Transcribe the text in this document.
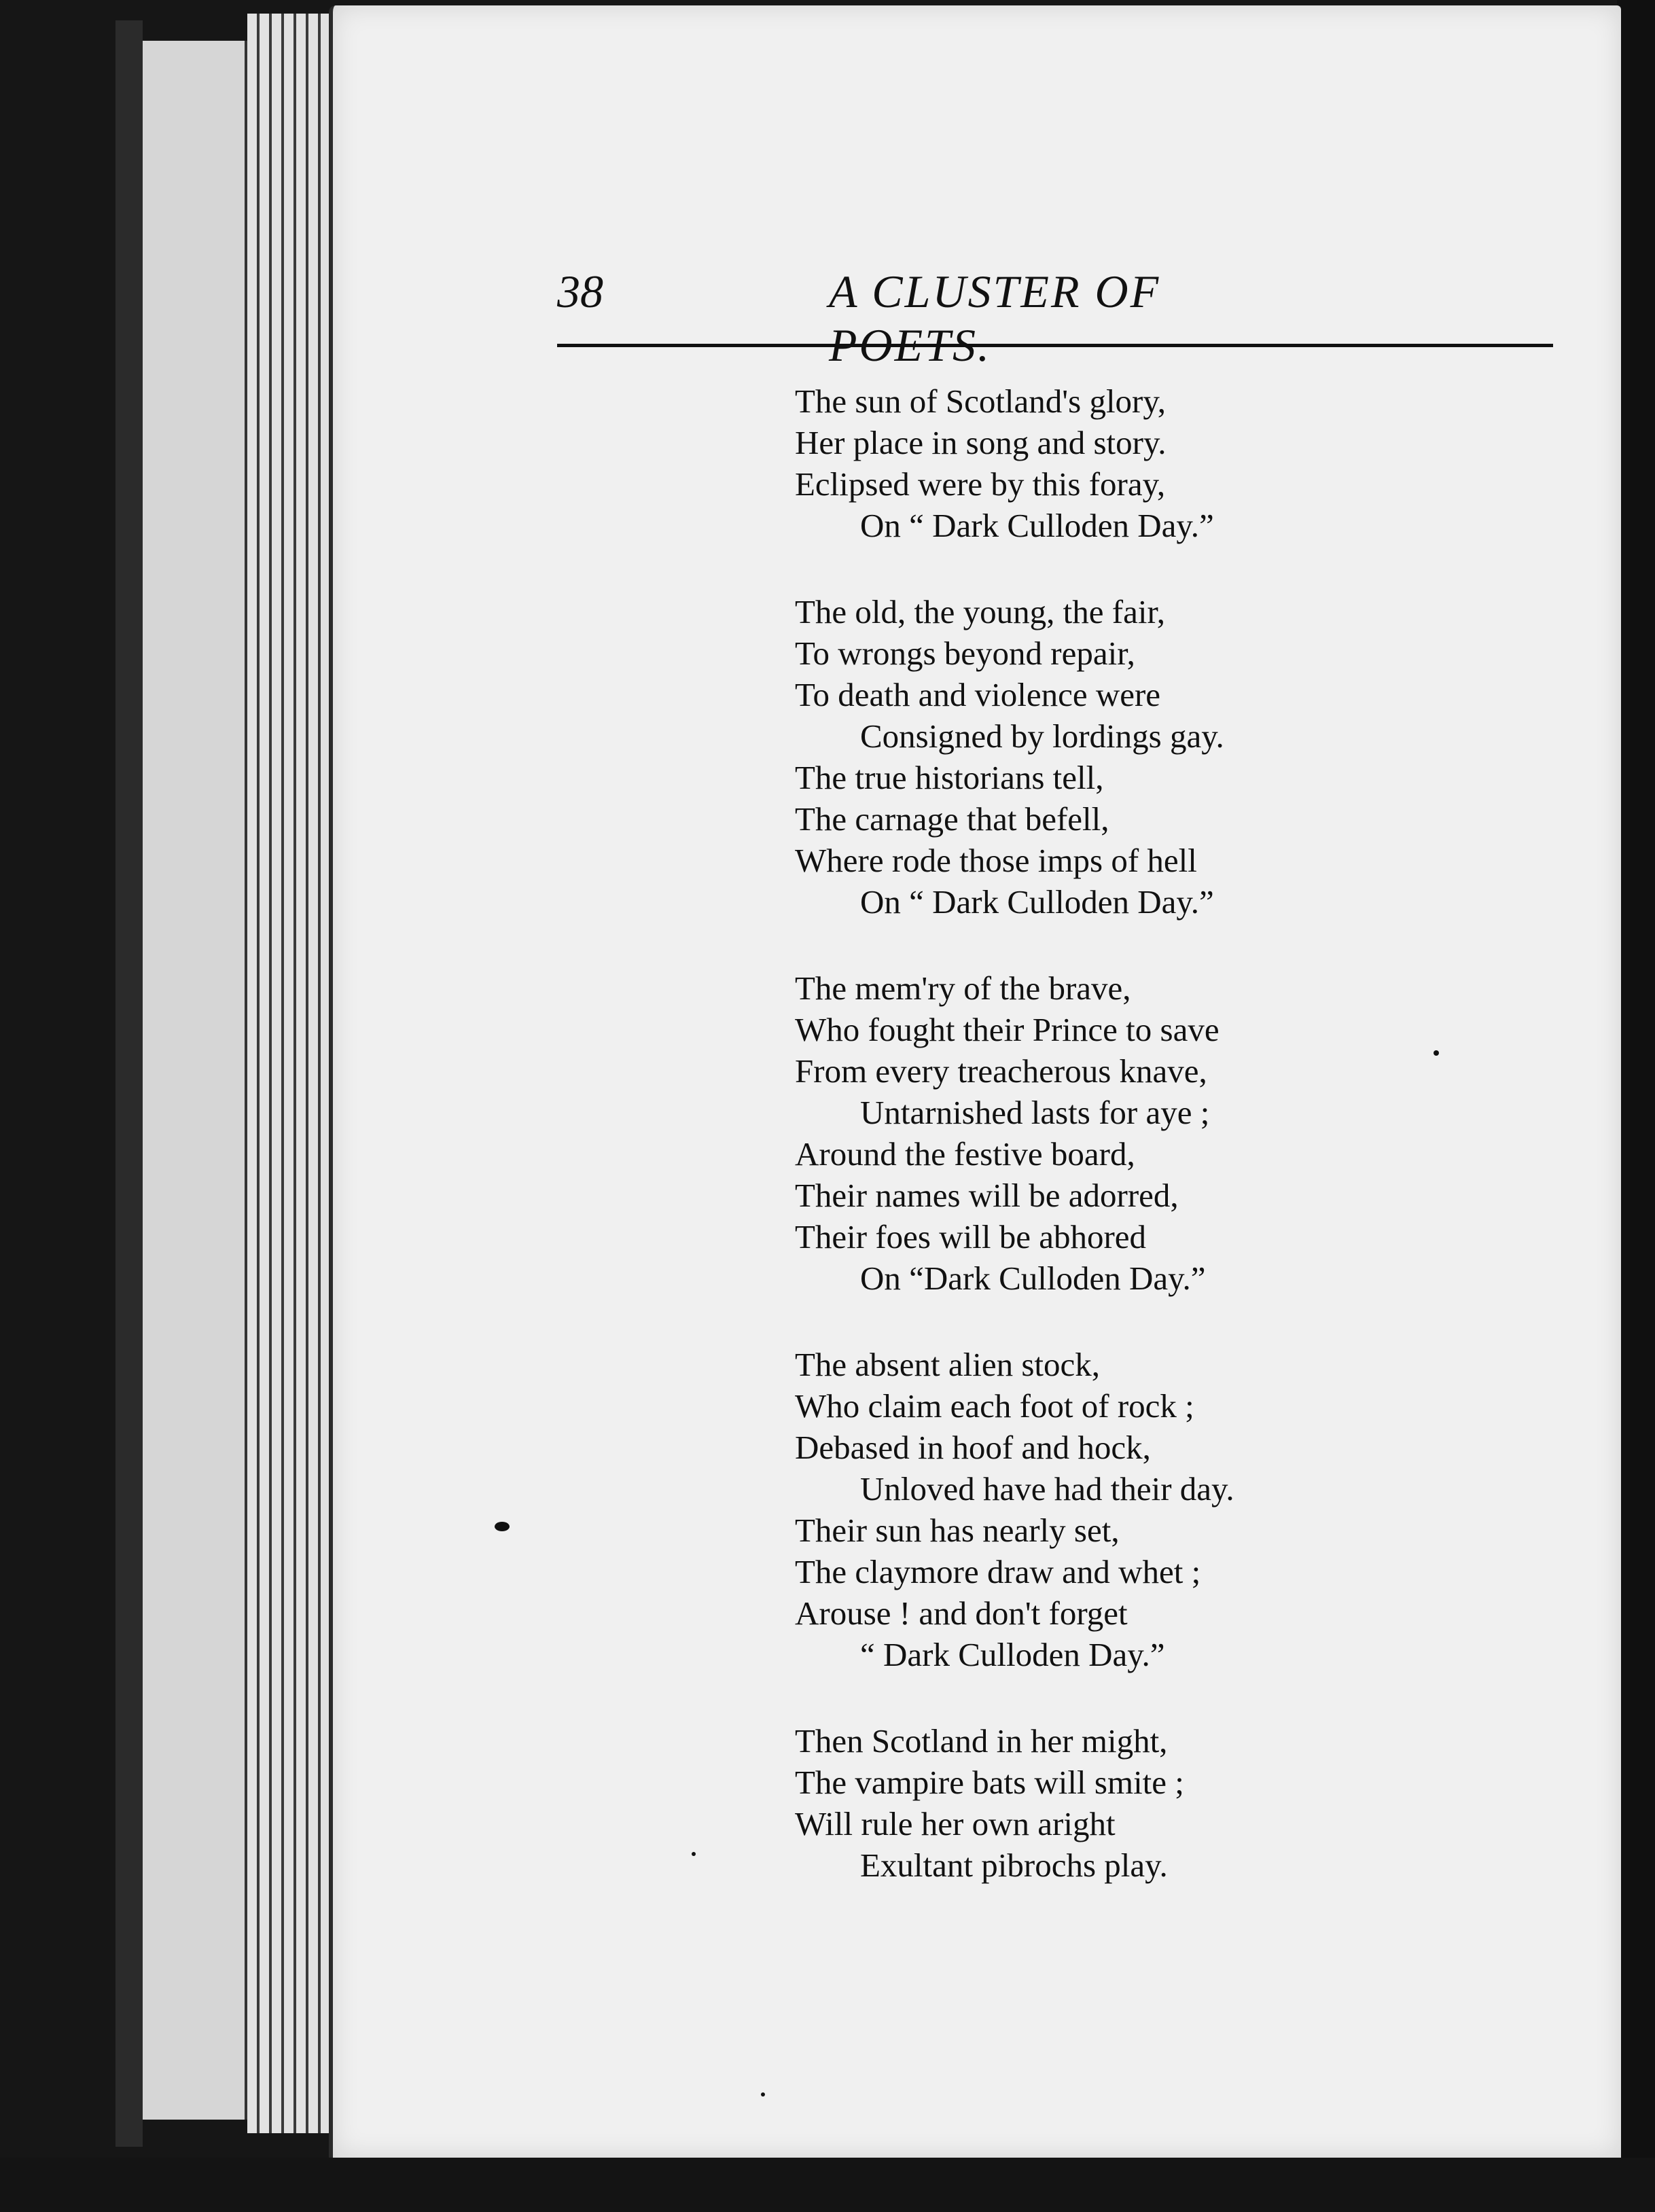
38	A CLUSTER OF POETS.
The sun of Scotland's glory,
Her place in song and story.
Eclipsed were by this foray,
On “ Dark Culloden Day.”
The old, the young, the fair,
To wrongs beyond repair,
To death and violence were
Consigned by lordings gay.
The true historians tell,
The carnage that befell,
Where rode those imps of hell
On “ Dark Culloden Day.”
The mem'ry of the brave,
Who fought their Prince to save
From every treacherous knave,
Untarnished lasts for aye ;
Around the festive board,
Their names will be adorred,
Their foes will be abhored
On “Dark Culloden Day.”
The absent alien stock,
Who claim each foot of rock ;
Debased in hoof and hock,
Unloved have had their day.
Their sun has nearly set,
The claymore draw and whet ;
Arouse ! and don't forget
“ Dark Culloden Day.”
Then Scotland in her might,
The vampire bats will smite ;
Will rule her own aright
Exultant pibrochs play.
